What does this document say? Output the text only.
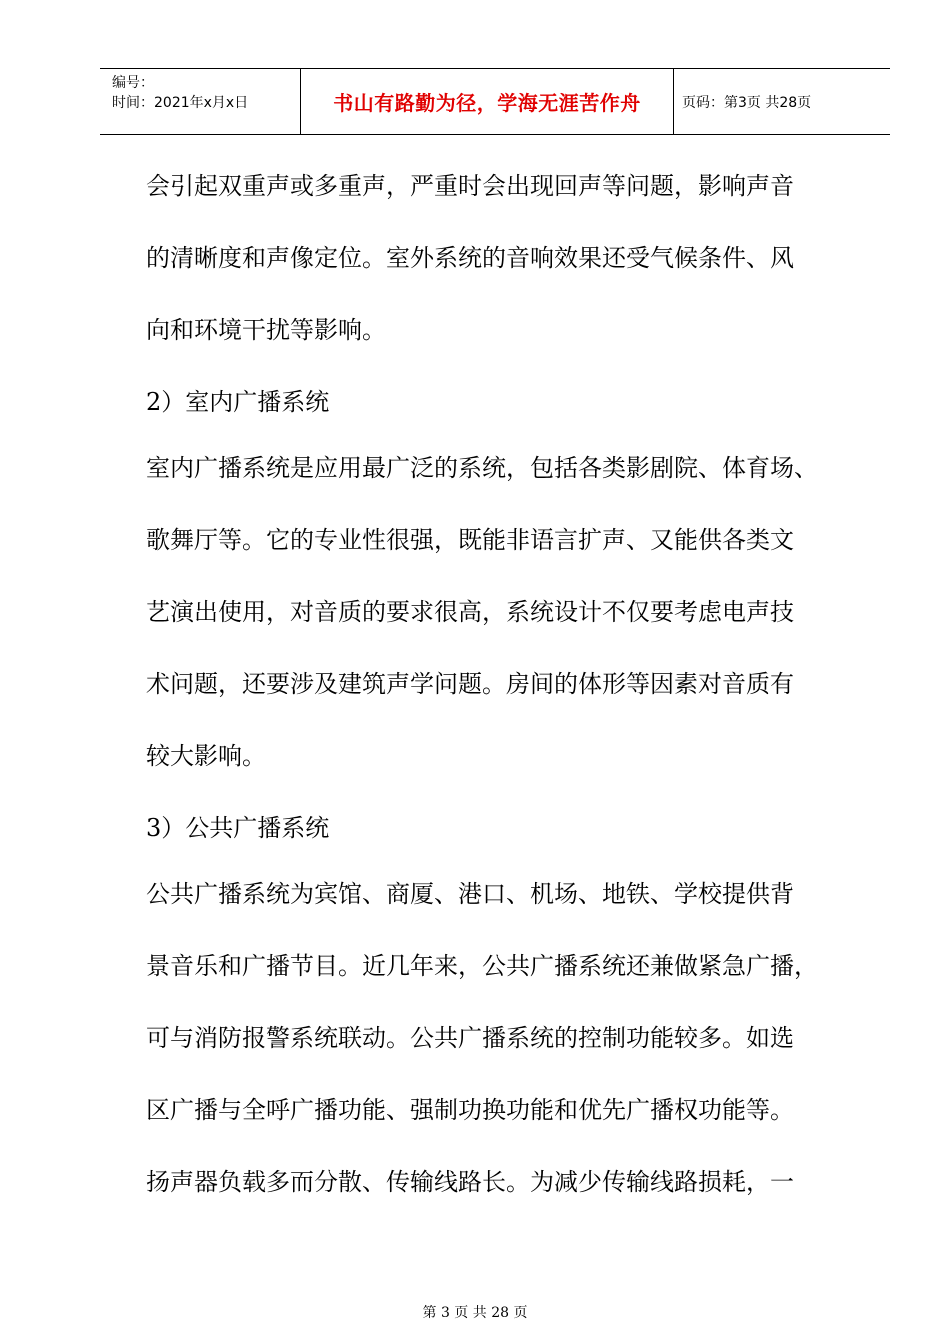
编号：
时间：2021年x月x日	书山有路勤为径，学海无涯苦作舟	页码：第3页 共28页
会引起双重声或多重声，严重时会出现回声等问题，影响声音
的清晰度和声像定位。室外系统的音响效果还受气候条件、风
向和环境干扰等影响。
2）室内广播系统
室内广播系统是应用最广泛的系统，包括各类影剧院、体育场、
歌舞厅等。它的专业性很强，既能非语言扩声、又能供各类文
艺演出使用，对音质的要求很高，系统设计不仅要考虑电声技
术问题，还要涉及建筑声学问题。房间的体形等因素对音质有
较大影响。
3）公共广播系统
公共广播系统为宾馆、商厦、港口、机场、地铁、学校提供背
景音乐和广播节目。近几年来，公共广播系统还兼做紧急广播，
可与消防报警系统联动。公共广播系统的控制功能较多。如选
区广播与全呼广播功能、强制功换功能和优先广播权功能等。
扬声器负载多而分散、传输线路长。为减少传输线路损耗，一
第 3 页 共 28 页
